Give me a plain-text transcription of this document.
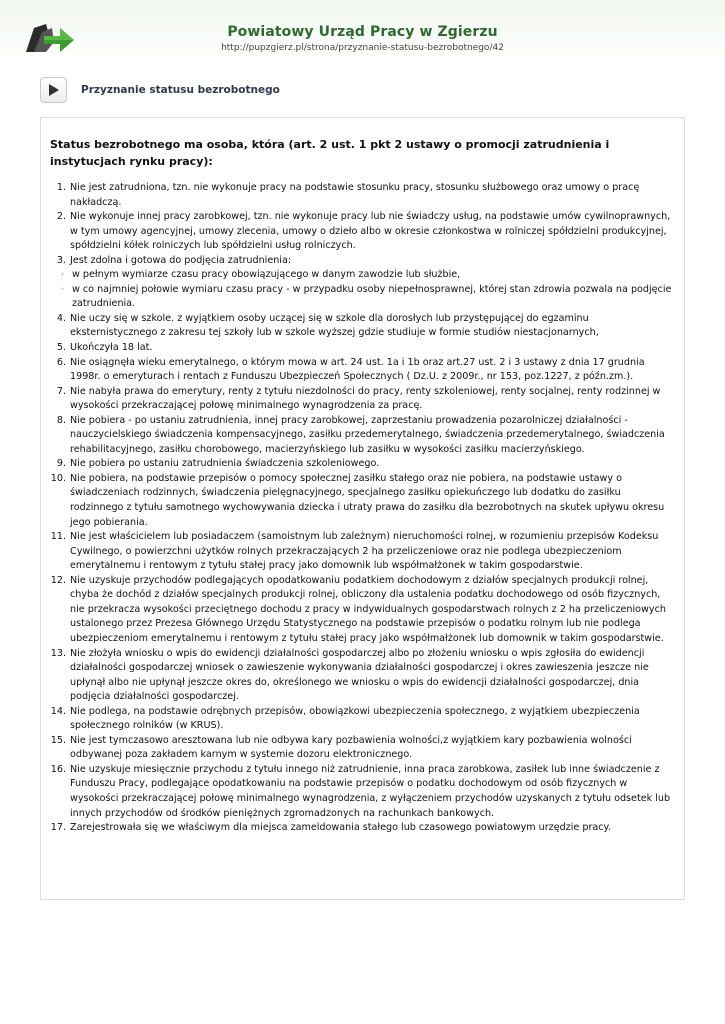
Powiatowy Urząd Pracy w Zgierzu
http://pupzgierz.pl/strona/przyznanie-statusu-bezrobotnego/42
Przyznanie statusu bezrobotnego
Status bezrobotnego ma osoba, która (art. 2 ust. 1 pkt 2 ustawy o promocji zatrudnienia i instytucjach rynku pracy):
1. Nie jest zatrudniona, tzn. nie wykonuje pracy na podstawie stosunku pracy, stosunku służbowego oraz umowy o pracę nakładczą.
2. Nie wykonuje innej pracy zarobkowej, tzn. nie wykonuje pracy lub nie świadczy usług, na podstawie umów cywilnoprawnych, w tym umowy agencyjnej, umowy zlecenia, umowy o dzieło albo w okresie członkostwa w rolniczej spółdzielni produkcyjnej, spółdzielni kółek rolniczych lub spółdzielni usług rolniczych.
3. Jest zdolna i gotowa do podjęcia zatrudnienia:
◦ w pełnym wymiarze czasu pracy obowiązującego w danym zawodzie lub służbie,
◦ w co najmniej połowie wymiaru czasu pracy - w przypadku osoby niepełnosprawnej, której stan zdrowia pozwala na podjęcie zatrudnienia.
4. Nie uczy się w szkole. z wyjątkiem osoby uczącej się w szkole dla dorosłych lub przystępującej do egzaminu eksternistycznego z zakresu tej szkoły lub w szkole wyższej gdzie studiuje w formie studiów niestacjonarnych,
5. Ukończyła 18 lat.
6. Nie osiągnęła wieku emerytalnego, o którym mowa w art. 24 ust. 1a i 1b oraz art.27 ust. 2 i 3 ustawy z dnia 17 grudnia 1998r. o emeryturach i rentach z Funduszu Ubezpieczeń Społecznych ( Dz.U. z 2009r., nr 153, poz.1227, z późn.zm.).
7. Nie nabyła prawa do emerytury, renty z tytułu niezdolności do pracy, renty szkoleniowej, renty socjalnej, renty rodzinnej w wysokości przekraczającej połowę minimalnego wynagrodzenia za pracę.
8. Nie pobiera - po ustaniu zatrudnienia, innej pracy zarobkowej, zaprzestaniu prowadzenia pozarolniczej działalności - nauczycielskiego świadczenia kompensacyjnego, zasiłku przedemerytalnego, świadczenia przedemerytalnego, świadczenia rehabilitacyjnego, zasiłku chorobowego, macierzyńskiego lub zasiłku w wysokości zasiłku macierzyńskiego.
9. Nie pobiera po ustaniu zatrudnienia świadczenia szkoleniowego.
10. Nie pobiera, na podstawie przepisów o pomocy społecznej zasiłku stałego oraz nie pobiera, na podstawie ustawy o świadczeniach rodzinnych, świadczenia pielęgnacyjnego, specjalnego zasiłku opiekuńczego lub dodatku do zasiłku rodzinnego z tytułu samotnego wychowywania dziecka i utraty prawa do zasiłku dla bezrobotnych na skutek upływu okresu jego pobierania.
11. Nie jest właścicielem lub posiadaczem (samoistnym lub zależnym) nieruchomości rolnej, w rozumieniu przepisów Kodeksu Cywilnego, o powierzchni użytków rolnych przekraczających 2 ha przeliczeniowe oraz nie podlega ubezpieczeniom emerytalnemu i rentowym z tytułu stałej pracy jako domownik lub współmałżonek w takim gospodarstwie.
12. Nie uzyskuje przychodów podlegających opodatkowaniu podatkiem dochodowym z działów specjalnych produkcji rolnej, chyba że dochód z działów specjalnych produkcji rolnej, obliczony dla ustalenia podatku dochodowego od osób fizycznych, nie przekracza wysokości przeciętnego dochodu z pracy w indywidualnych gospodarstwach rolnych z 2 ha przeliczeniowych ustalonego przez Prezesa Głównego Urzędu Statystycznego na podstawie przepisów o podatku rolnym lub nie podlega ubezpieczeniom emerytalnemu i rentowym z tytułu stałej pracy jako współmałżonek lub domownik w takim gospodarstwie.
13. Nie złożyła wniosku o wpis do ewidencji działalności gospodarczej albo po złożeniu wniosku o wpis zgłosiła do ewidencji działalności gospodarczej wniosek o zawieszenie wykonywania działalności gospodarczej i okres zawieszenia jeszcze nie upłynął albo nie upłynął jeszcze okres do, określonego we wniosku o wpis do ewidencji działalności gospodarczej, dnia podjęcia działalności gospodarczej.
14. Nie podlega, na podstawie odrębnych przepisów, obowiązkowi ubezpieczenia społecznego, z wyjątkiem ubezpieczenia społecznego rolników (w KRUS).
15. Nie jest tymczasowo aresztowana lub nie odbywa kary pozbawienia wolności,z wyjątkiem kary pozbawienia wolności odbywanej poza zakładem karnym w systemie dozoru elektronicznego.
16. Nie uzyskuje miesięcznie przychodu z tytułu innego niż zatrudnienie, inna praca zarobkowa, zasiłek lub inne świadczenie z Funduszu Pracy, podlegające opodatkowaniu na podstawie przepisów o podatku dochodowym od osób fizycznych w wysokości przekraczającej połowę minimalnego wynagrodzenia, z wyłączeniem przychodów uzyskanych z tytułu odsetek lub innych przychodów od środków pieniężnych zgromadzonych na rachunkach bankowych.
17. Zarejestrowała się we właściwym dla miejsca zameldowania stałego lub czasowego powiatowym urzędzie pracy.
